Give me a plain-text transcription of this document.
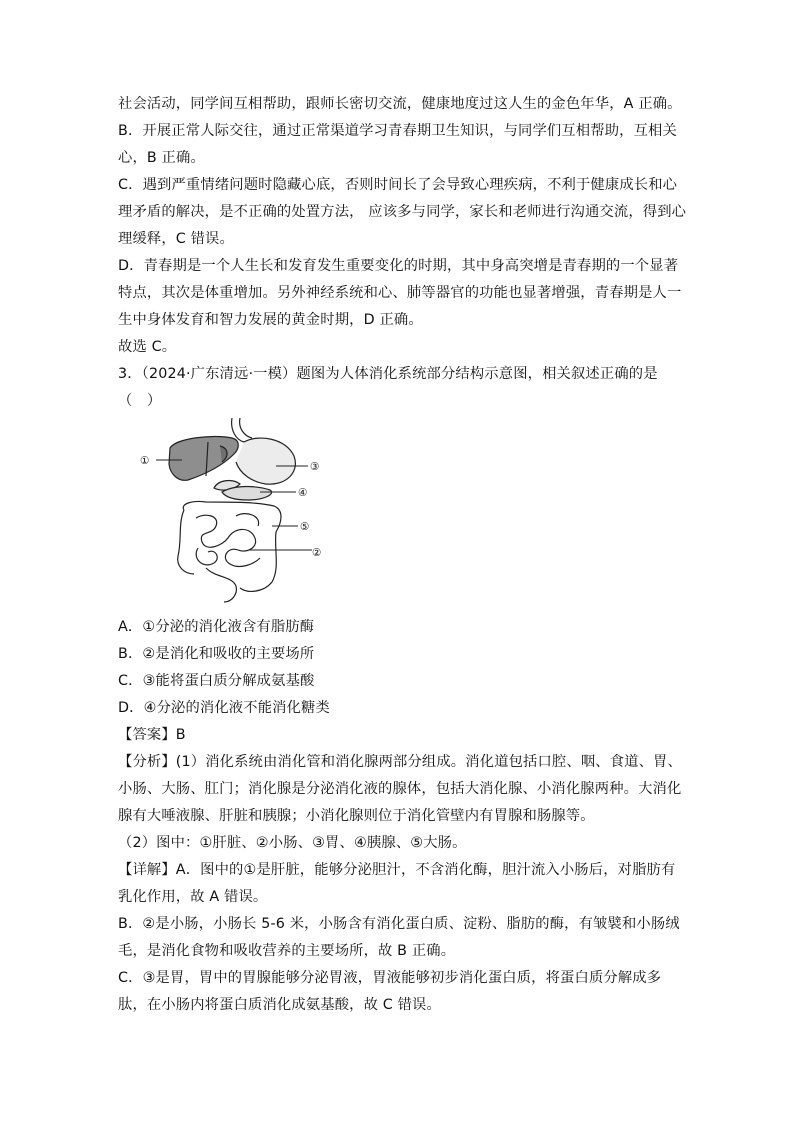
社会活动，同学间互相帮助，跟师长密切交流，健康地度过这人生的金色年华，A 正确。
B．开展正常人际交往，通过正常渠道学习青春期卫生知识，与同学们互相帮助，互相关
心，B 正确。
C．遇到严重情绪问题时隐藏心底，否则时间长了会导致心理疾病，不利于健康成长和心
理矛盾的解决，是不正确的处置方法， 应该多与同学，家长和老师进行沟通交流，得到心
理缓释，C 错误。
D．青春期是一个人生长和发育发生重要变化的时期，其中身高突增是青春期的一个显著
特点，其次是体重增加。另外神经系统和心、肺等器官的功能也显著增强，青春期是人一
生中身体发育和智力发展的黄金时期，D 正确。
故选 C。
3．（2024·广东清远·一模）题图为人体消化系统部分结构示意图，相关叙述正确的是
（　）
①
②
③
④
⑤
A．①分泌的消化液含有脂肪酶
B．②是消化和吸收的主要场所
C．③能将蛋白质分解成氨基酸
D．④分泌的消化液不能消化糖类
【答案】B
【分析】(1）消化系统由消化管和消化腺两部分组成。消化道包括口腔、咽、食道、胃、
小肠、大肠、肛门；消化腺是分泌消化液的腺体，包括大消化腺、小消化腺两种。大消化
腺有大唾液腺、肝脏和胰腺；小消化腺则位于消化管壁内有胃腺和肠腺等。
（2）图中：①肝脏、②小肠、③胃、④胰腺、⑤大肠。
【详解】A．图中的①是肝脏，能够分泌胆汁，不含消化酶，胆汁流入小肠后，对脂肪有
乳化作用，故 A 错误。
B．②是小肠，小肠长 5-6 米，小肠含有消化蛋白质、淀粉、脂肪的酶，有皱襞和小肠绒
毛，是消化食物和吸收营养的主要场所，故 B 正确。
C．③是胃，胃中的胃腺能够分泌胃液，胃液能够初步消化蛋白质，将蛋白质分解成多
肽，在小肠内将蛋白质消化成氨基酸，故 C 错误。
